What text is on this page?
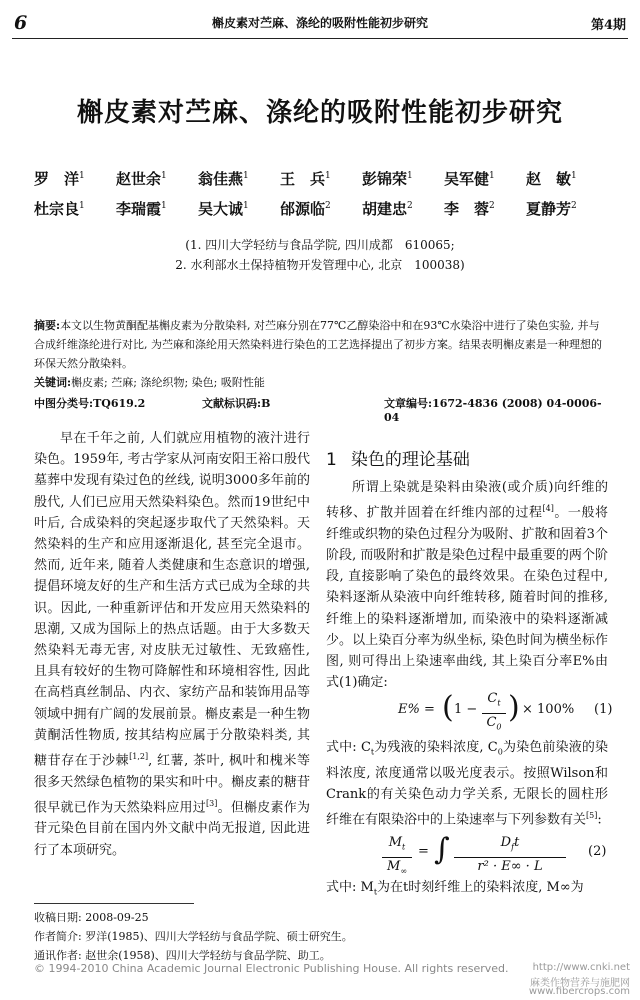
6	槲皮素对苎麻、涤纶的吸附性能初步研究	第4期
槲皮素对苎麻、涤纶的吸附性能初步研究
罗　洋$^1$ 赵世余$^1$ 翁佳燕$^1$ 王　兵$^1$ 彭锦荣$^1$ 吴军健$^1$ 赵　敏$^1$
杜宗良$^1$ 李瑞霞$^1$ 吴大诚$^1$ 邰源临$^2$ 胡建忠$^2$ 李　蓉$^2$ 夏静芳$^2$
(1. 四川大学轻纺与食品学院, 四川成都　610065;
2. 水利部水土保持植物开发管理中心, 北京　100038)
摘要:本文以生物黄酮配基槲皮素为分散染料, 对苎麻分别在77℃乙醇染浴中和在93℃水染浴中进行了染色实验, 并与合成纤维涤纶进行对比, 为苎麻和涤纶用天然染料进行染色的工艺选择提出了初步方案。结果表明槲皮素是一种理想的环保天然分散染料。
关键词:槲皮素; 苎麻; 涤纶织物; 染色; 吸附性能
中图分类号:TQ619.2	文献标识码:B	文章编号:1672-4836 (2008) 04-0006-04

早在千年之前, 人们就应用植物的液汁进行染色。1959年, 考古学家从河南安阳王裕口殷代墓葬中发现有染过色的丝线, 说明3000多年前的殷代, 人们已应用天然染料染色。然而19世纪中叶后, 合成染料的突起逐步取代了天然染料。天然染料的生产和应用逐渐退化, 甚至完全退市。然而, 近年来, 随着人类健康和生态意识的增强, 提倡环境友好的生产和生活方式已成为全球的共识。因此, 一种重新评估和开发应用天然染料的思潮, 又成为国际上的热点话题。由于大多数天然染料无毒无害, 对皮肤无过敏性、无致癌性, 且具有较好的生物可降解性和环境相容性, 因此在高档真丝制品、内衣、家纺产品和装饰用品等领域中拥有广阔的发展前景。槲皮素是一种生物黄酮活性物质, 按其结构应属于分散染料类, 其糖苷存在于沙棘[1,2], 红薯, 茶叶, 枫叶和槐米等很多天然绿色植物的果实和叶中。槲皮素的糖苷很早就已作为天然染料应用过[3]。但槲皮素作为苷元染色目前在国内外文献中尚无报道, 因此进行了本项研究。

1 染色的理论基础

所谓上染就是染料由染液(或介质)向纤维的转移、扩散并固着在纤维内部的过程[4]。一般将纤维或织物的染色过程分为吸附、扩散和固着3个阶段, 而吸附和扩散是染色过程中最重要的两个阶段, 直接影响了染色的最终效果。在染色过程中, 染料逐渐从染液中向纤维转移, 随着时间的推移, 纤维上的染料逐渐增加, 而染液中的染料逐渐减少。以上染百分率为纵坐标, 染色时间为横坐标作图, 则可得出上染速率曲线, 其上染百分率E%由式(1)确定:

E% = ( 1 −
$C_t$
$C_0$
) × 100% (1)

式中: $C_t$为残液的染料浓度, $C_0$为染色前染液的染料浓度, 浓度通常以吸光度表示。按照Wilson和Crank的有关染色动力学关系, 无限长的圆柱形纤维在有限染浴中的上染速率与下列参数有关[5]:

$M_t$
$M_\infty$
= ∫	$D_ft$
r² · E∞ · L
(2)

式中: $M_t$为在t时刻纤维上的染料浓度, M∞为

收稿日期: 2008-09-25
作者简介: 罗洋(1985)、四川大学轻纺与食品学院、硕士研究生。
通讯作者: 赵世余(1958)、四川大学轻纺与食品学院、助工。
© 1994-2010 China Academic Journal Electronic Publishing House. All rights reserved. http://www.cnki.net
麻类作物营养与施肥网
www.fibercrops.com
